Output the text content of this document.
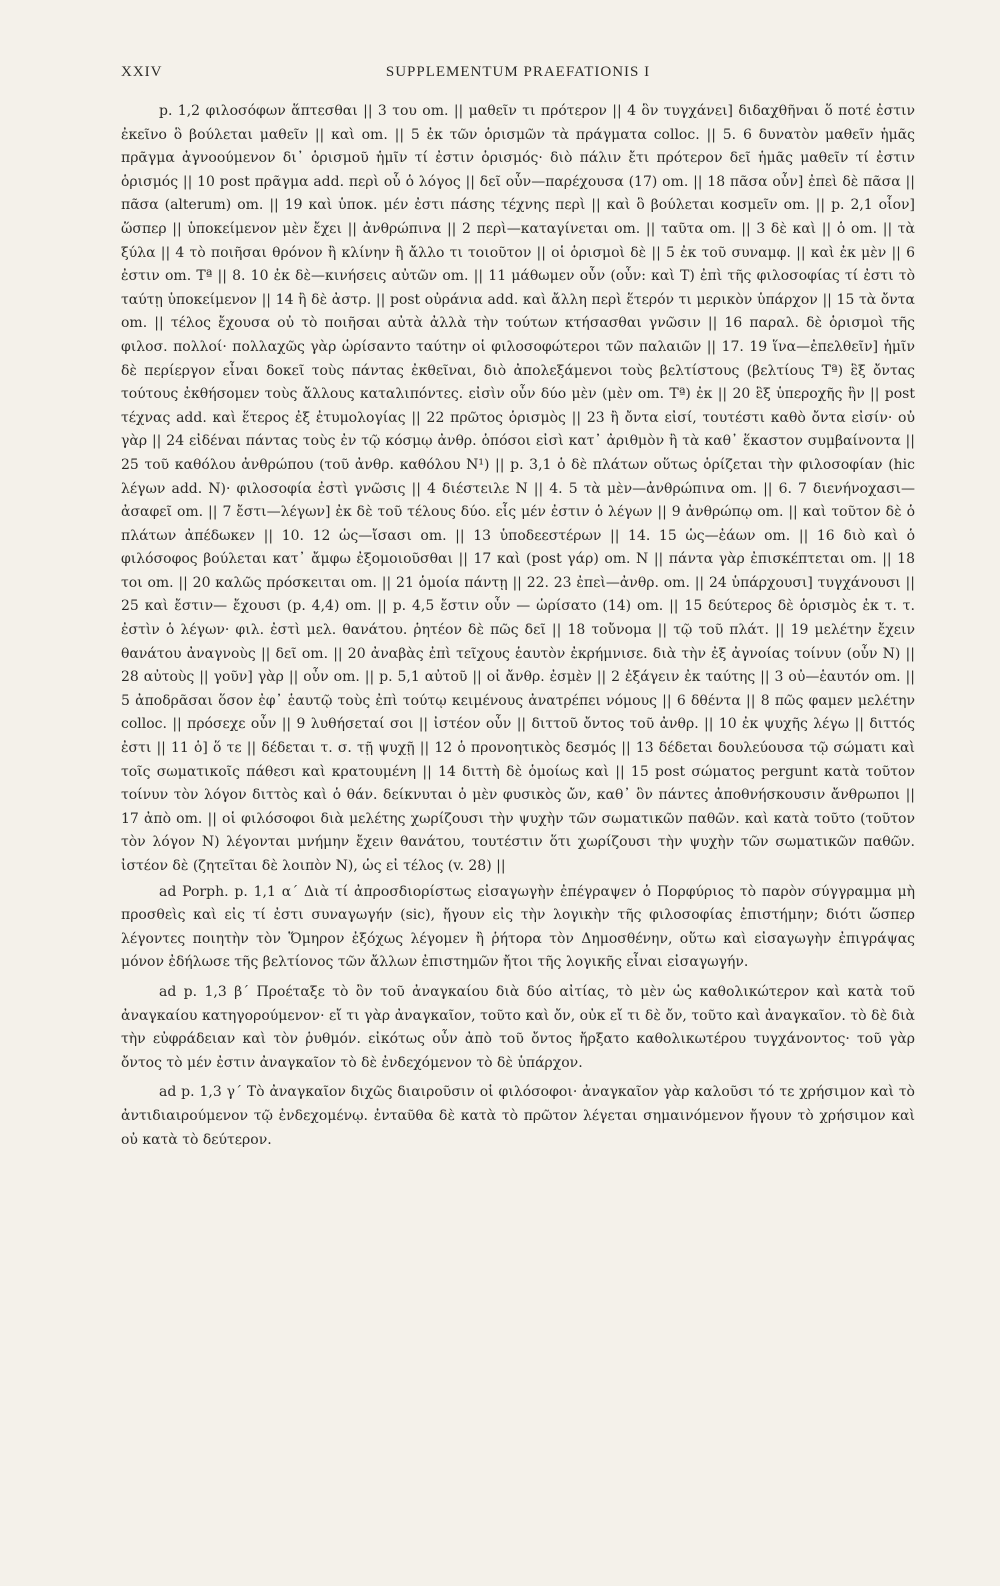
XXIV	SUPPLEMENTUM PRAEFATIONIS I

p. 1,2 φιλοσόφων ἅπτεσθαι || 3 του om. || μαθεῖν τι πρότερον || 4 ὃν τυγχάνει] διδαχθῆναι ὅ ποτέ ἐστιν ἐκεῖνο ὃ βούλεται μαθεῖν || καὶ om. || 5 ἐκ τῶν ὁρισμῶν τὰ πράγματα colloc. || 5. 6 δυνατὸν μαθεῖν ἡμᾶς πρᾶγμα ἀγνοούμενον δι᾽ ὁρισμοῦ ἡμῖν τί ἐστιν ὁρισμός· διὸ πάλιν ἔτι πρότερον δεῖ ἡμᾶς μαθεῖν τί ἐστιν ὁρισμός || 10 post πρᾶγμα add. περὶ οὗ ὁ λόγος || δεῖ οὖν—παρέχουσα (17) om. || 18 πᾶσα οὖν] ἐπεὶ δὲ πᾶσα || πᾶσα (alterum) om. || 19 καὶ ὑποκ. μέν ἐστι πάσης τέχνης περὶ || καὶ ὃ βούλεται κοσμεῖν om. || p. 2,1 οἷον] ὥσπερ || ὑποκείμενον μὲν ἔχει || ἀνθρώπινα || 2 περὶ—καταγίνεται om. || ταῦτα om. || 3 δὲ καὶ || ὁ om. || τὰ ξύλα || 4 τὸ ποιῆσαι θρόνον ἢ κλίνην ἢ ἄλλο τι τοιοῦτον || οἱ ὁρισμοὶ δὲ || 5 ἐκ τοῦ συναμφ. || καὶ ἐκ μὲν || 6 ἐστιν om. Tª || 8. 10 ἐκ δὲ—κινήσεις αὐτῶν om. || 11 μάθωμεν οὖν (οὖν: καὶ T) ἐπὶ τῆς φιλοσοφίας τί ἐστι τὸ ταύτῃ ὑποκείμενον || 14 ἢ δὲ ἀστρ. || post οὐράνια add. καὶ ἄλλη περὶ ἕτερόν τι μερικὸν ὑπάρχον || 15 τὰ ὄντα om. || τέλος ἔχουσα οὐ τὸ ποιῆσαι αὐτὰ ἀλλὰ τὴν τούτων κτήσασθαι γνῶσιν || 16 παραλ. δὲ ὁρισμοὶ τῆς φιλοσ. πολλοί· πολλαχῶς γὰρ ὡρίσαντο ταύτην οἱ φιλοσοφώτεροι τῶν παλαιῶν || 17. 19 ἵνα—ἐπελθεῖν] ἡμῖν δὲ περίεργον εἶναι δοκεῖ τοὺς πάντας ἐκθεῖναι, διὸ ἀπολεξάμενοι τοὺς βελτίστους (βελτίους Tª) ἓξ ὄντας τούτους ἐκθήσομεν τοὺς ἄλλους καταλιπόντες. εἰσὶν οὖν δύο μὲν (μὲν om. Tª) ἐκ || 20 ἓξ ὑπεροχῆς ἣν || post τέχνας add. καὶ ἕτερος ἐξ ἐτυμολογίας || 22 πρῶτος ὁρισμὸς || 23 ἢ ὄντα εἰσί, τουτέστι καθὸ ὄντα εἰσίν· οὐ γὰρ || 24 εἰδέναι πάντας τοὺς ἐν τῷ κόσμῳ ἀνθρ. ὁπόσοι εἰσὶ κατ᾽ ἀριθμὸν ἢ τὰ καθ᾽ ἕκαστον συμβαίνοντα || 25 τοῦ καθόλου ἀνθρώπου (τοῦ ἀνθρ. καθόλου N¹) || p. 3,1 ὁ δὲ πλάτων οὕτως ὁρίζεται τὴν φιλοσοφίαν (hic λέγων add. N)· φιλοσοφία ἐστὶ γνῶσις || 4 διέστειλε N || 4. 5 τὰ μὲν—ἀνθρώπινα om. || 6. 7 διενήνοχασι—ἀσαφεῖ om. || 7 ἔστι—λέγων] ἐκ δὲ τοῦ τέλους δύο. εἷς μέν ἐστιν ὁ λέγων || 9 ἀνθρώπῳ om. || καὶ τοῦτον δὲ ὁ πλάτων ἀπέδωκεν || 10. 12 ὡς—ἴσασι om. || 13 ὑποδεεστέρων || 14. 15 ὡς—ἐάων om. || 16 διὸ καὶ ὁ φιλόσοφος βούλεται κατ᾽ ἄμφω ἐξομοιοῦσθαι || 17 καὶ (post γάρ) om. N || πάντα γὰρ ἐπισκέπτεται om. || 18 τοι om. || 20 καλῶς πρόσκειται om. || 21 ὁμοία πάντῃ || 22. 23 ἐπεὶ—ἀνθρ. om. || 24 ὑπάρχουσι] τυγχάνουσι || 25 καὶ ἔστιν— ἔχουσι (p. 4,4) om. || p. 4,5 ἔστιν οὖν — ὡρίσατο (14) om. || 15 δεύτερος δὲ ὁρισμὸς ἐκ τ. τ. ἐστὶν ὁ λέγων· φιλ. ἐστὶ μελ. θανάτου. ῥητέον δὲ πῶς δεῖ || 18 τοὔνομα || τῷ τοῦ πλάτ. || 19 μελέτην ἔχειν θανάτου ἀναγνοὺς || δεῖ om. || 20 ἀναβὰς ἐπὶ τεῖχους ἑαυτὸν ἐκρήμνισε. διὰ τὴν ἐξ ἀγνοίας τοίνυν (οὖν N) || 28 αὐτοὺς || γοῦν] γὰρ || οὖν om. || p. 5,1 αὐτοῦ || οἱ ἄνθρ. ἐσμὲν || 2 ἐξάγειν ἐκ ταύτης || 3 οὐ—ἑαυτόν om. || 5 ἀποδρᾶσαι ὅσον ἐφ᾽ ἑαυτῷ τοὺς ἐπὶ τούτῳ κειμένους ἀνατρέπει νόμους || 6 δθέντα || 8 πῶς φαμεν μελέτην colloc. || πρόσεχε οὖν || 9 λυθήσεταί σοι || ἰστέον οὖν || διττοῦ ὄντος τοῦ ἀνθρ. || 10 ἐκ ψυχῆς λέγω || διττός ἐστι || 11 ὁ] ὅ τε || δέδεται τ. σ. τῇ ψυχῇ || 12 ὁ προνοητικὸς δεσμός || 13 δέδεται δουλεύουσα τῷ σώματι καὶ τοῖς σωματικοῖς πάθεσι καὶ κρατουμένη || 14 διττὴ δὲ ὁμοίως καὶ || 15 post σώματος pergunt κατὰ τοῦτον τοίνυν τὸν λόγον διττὸς καὶ ὁ θάν. δείκνυται ὁ μὲν φυσικὸς ὤν, καθ᾽ ὃν πάντες ἀποθνήσκουσιν ἄνθρωποι || 17 ἀπὸ om. || οἱ φιλόσοφοι διὰ μελέτης χωρίζουσι τὴν ψυχὴν τῶν σωματικῶν παθῶν. καὶ κατὰ τοῦτο (τοῦτον τὸν λόγον N) λέγονται μνήμην ἔχειν θανάτου, τουτέστιν ὅτι χωρίζουσι τὴν ψυχὴν τῶν σωματικῶν παθῶν. ἰστέον δὲ (ζητεῖται δὲ λοιπὸν N), ὡς εἰ τέλος (v. 28) ||

ad Porph. p. 1,1 α΄ Διὰ τί ἀπροσδιορίστως εἰσαγωγὴν ἐπέγραψεν ὁ Πορφύριος τὸ παρὸν σύγγραμμα μὴ προσθεὶς καὶ εἰς τί ἐστι συναγωγήν (sic), ἤγουν εἰς τὴν λογικὴν τῆς φιλοσοφίας ἐπιστήμην; διότι ὥσπερ λέγοντες ποιητὴν τὸν Ὅμηρον ἐξόχως λέγομεν ἢ ῥήτορα τὸν Δημοσθένην, οὕτω καὶ εἰσαγωγὴν ἐπιγράψας μόνον ἐδήλωσε τῆς βελτίονος τῶν ἄλλων ἐπιστημῶν ἤτοι τῆς λογικῆς εἶναι εἰσαγωγήν.

ad p. 1,3 β΄ Προέταξε τὸ ὂν τοῦ ἀναγκαίου διὰ δύο αἰτίας, τὸ μὲν ὡς καθολικώτερον καὶ κατὰ τοῦ ἀναγκαίου κατηγορούμενον· εἴ τι γὰρ ἀναγκαῖον, τοῦτο καὶ ὄν, οὐκ εἴ τι δὲ ὄν, τοῦτο καὶ ἀναγκαῖον. τὸ δὲ διὰ τὴν εὐφράδειαν καὶ τὸν ῥυθμόν. εἰκότως οὖν ἀπὸ τοῦ ὄντος ἤρξατο καθολικωτέρου τυγχάνοντος· τοῦ γὰρ ὄντος τὸ μέν ἐστιν ἀναγκαῖον τὸ δὲ ἐνδεχόμενον τὸ δὲ ὑπάρχον.

ad p. 1,3 γ΄ Τὸ ἀναγκαῖον διχῶς διαιροῦσιν οἱ φιλόσοφοι· ἀναγκαῖον γὰρ καλοῦσι τό τε χρήσιμον καὶ τὸ ἀντιδιαιρούμενον τῷ ἐνδεχομένῳ. ἐνταῦθα δὲ κατὰ τὸ πρῶτον λέγεται σημαινόμενον ἤγουν τὸ χρήσιμον καὶ οὐ κατὰ τὸ δεύτερον.
